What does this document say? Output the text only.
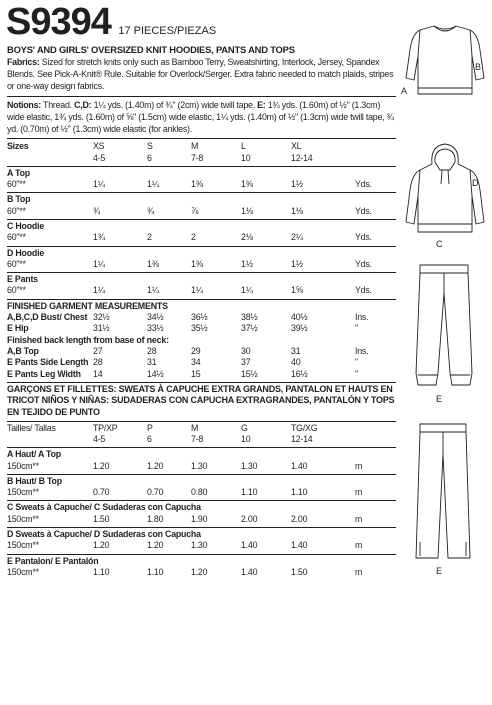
S9394 17 PIECES/PIEZAS
BOYS' AND GIRLS' OVERSIZED KNIT HOODIES, PANTS AND TOPS
Fabrics: Sized for stretch knits only such as Bamboo Terry, Sweatshirting, Interlock, Jersey, Spandex Blends. See Pick-A-Knit® Rule. Suitable for Overlock/Serger. Extra fabric needed to match plaids, stripes or one-way design fabrics.
Notions: Thread. C,D: 1¼ yds. (1.40m) of ¾" (2cm) wide twill tape. E: 1¾ yds. (1.60m) of ½" (1.3cm) wide elastic, 1¾ yds. (1.60m) of ⅝" (1.5cm) wide elastic, 1¼ yds. (1.40m) of ½" (1.3cm) wide twill tape, ¾ yd. (0.70m) of ½" (1.3cm) wide elastic (for ankles).
Sizes	XS	S	M	L	XL
4-5	6	7-8	10	12-14
A Top
60"**	1¼	1¼	1⅜	1⅜	1½	Yds.
B Top
60"**	¾	¾	⅞	1⅛	1⅛	Yds.
C Hoodie
60"**	1¾	2	2	2⅛	2¼	Yds.
D Hoodie
60"**	1¼	1⅜	1⅜	1½	1½	Yds.
E Pants
60"**	1¼	1¼	1¼	1¼	1⅝	Yds.
FINISHED GARMENT MEASUREMENTS
A,B,C,D Bust/ Chest 32½	34½	36½	38½	40½	Ins.
E Hip	31½	33½	35½	37½	39½	"
Finished back length from base of neck:
A,B Top	27	28	29	30	31	Ins.
E Pants Side Length 28	31	34	37	40	"
E Pants Leg Width	14	14½	15	15½	16½	"
GARÇONS ET FILLETTES: SWEATS À CAPUCHE EXTRA GRANDS, PANTALON ET HAUTS EN TRICOT NIÑOS Y NIÑAS: SUDADERAS CON CAPUCHA EXTRAGRANDES, PANTALÓN Y TOPS EN TEJIDO DE PUNTO
Tailles/ Tallas	TP/XP	P	M	G	TG/XG
4-5	6	7-8	10	12-14
A Haut/ A Top
150cm**	1.20	1.20	1.30	1.30	1.40	m
B Haut/ B Top
150cm**	0.70	0.70	0.80	1.10	1.10	m
C Sweats à Capuche/ C Sudaderas con Capucha
150cm**	1.50	1.80	1.90	2.00	2.00	m
D Sweats à Capuche/ D Sudaderas con Capucha
150cm**	1.20	1.20	1.30	1.40	1.40	m
E Pantalon/ E Pantalón
150cm**	1.10	1.10	1.20	1.40	1.50	m
A
B
C
D
E
E
